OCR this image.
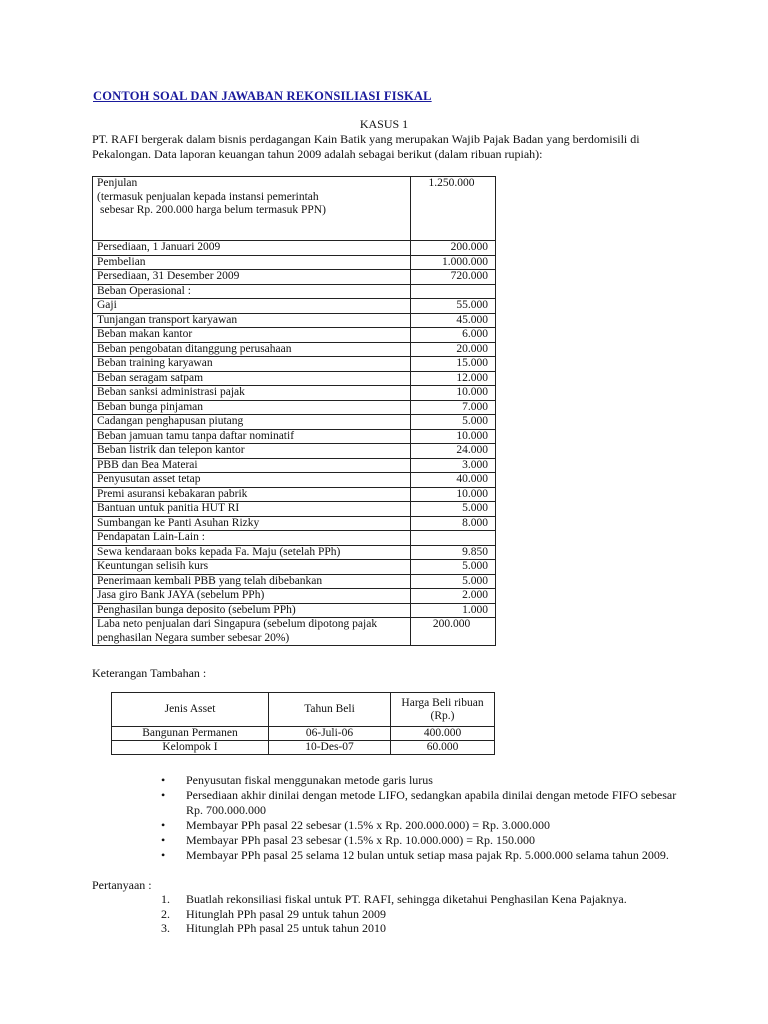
CONTOH SOAL DAN JAWABAN REKONSILIASI FISKAL
KASUS 1
PT. RAFI bergerak dalam bisnis perdagangan Kain Batik yang merupakan Wajib Pajak Badan yang berdomisili di Pekalongan. Data laporan keuangan tahun 2009 adalah sebagai berikut (dalam ribuan rupiah):
Penjulan
(termasuk penjualan kepada instansi pemerintah
sebesar Rp. 200.000 harga belum termasuk PPN)	1.250.000
Persediaan, 1 Januari 2009	200.000
Pembelian	1.000.000
Persediaan, 31 Desember 2009	720.000
Beban Operasional :	
Gaji	55.000
Tunjangan transport karyawan	45.000
Beban makan kantor	6.000
Beban pengobatan ditanggung perusahaan	20.000
Beban training karyawan	15.000
Beban seragam satpam	12.000
Beban sanksi administrasi pajak	10.000
Beban bunga pinjaman	7.000
Cadangan penghapusan piutang	5.000
Beban jamuan tamu tanpa daftar nominatif	10.000
Beban listrik dan telepon kantor	24.000
PBB dan Bea Materai	3.000
Penyusutan asset tetap	40.000
Premi asuransi kebakaran pabrik	10.000
Bantuan untuk panitia HUT RI	5.000
Sumbangan ke Panti Asuhan Rizky	8.000
Pendapatan Lain-Lain :	
Sewa kendaraan boks kepada Fa. Maju (setelah PPh)	9.850
Keuntungan selisih kurs	5.000
Penerimaan kembali PBB yang telah dibebankan	5.000
Jasa giro Bank JAYA (sebelum PPh)	2.000
Penghasilan bunga deposito (sebelum PPh)	1.000
Laba neto penjualan dari Singapura (sebelum dipotong pajak penghasilan Negara sumber sebesar 20%)	200.000
Keterangan Tambahan :
Jenis Asset	Tahun Beli	Harga Beli ribuan (Rp.)
Bangunan Permanen	06-Juli-06	400.000
Kelompok I	10-Des-07	60.000
• Penyusutan fiskal menggunakan metode garis lurus
• Persediaan akhir dinilai dengan metode LIFO, sedangkan apabila dinilai dengan metode FIFO sebesar Rp. 700.000.000
• Membayar PPh pasal 22 sebesar (1.5% x Rp. 200.000.000) = Rp. 3.000.000
• Membayar PPh pasal 23 sebesar (1.5% x Rp. 10.000.000) = Rp. 150.000
• Membayar PPh pasal 25 selama 12 bulan untuk setiap masa pajak Rp. 5.000.000 selama tahun 2009.
Pertanyaan :
1. Buatlah rekonsiliasi fiskal untuk PT. RAFI, sehingga diketahui Penghasilan Kena Pajaknya.
2. Hitunglah PPh pasal 29 untuk tahun 2009
3. Hitunglah PPh pasal 25 untuk tahun 2010
